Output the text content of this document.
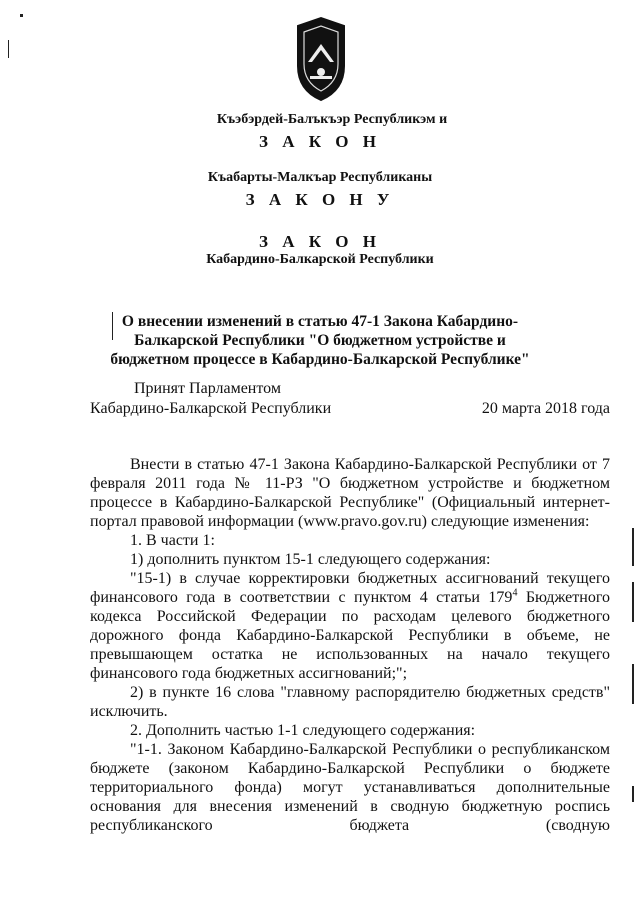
Къэбэрдей-Балъкъэр Республикэм и
З А К О Н
Къабарты-Малкъар Республиканы
З А К О Н У
З А К О Н
Кабардино-Балкарской Республики
О внесении изменений в статью 47-1 Закона Кабардино-Балкарской Республики "О бюджетном устройстве и бюджетном процессе в Кабардино-Балкарской Республике"
Принят Парламентом
Кабардино-Балкарской Республики	20 марта 2018 года

Внести в статью 47-1 Закона Кабардино-Балкарской Республики от 7 февраля 2011 года № 11-РЗ "О бюджетном устройстве и бюджетном процессе в Кабардино-Балкарской Республике" (Официальный интернет-портал правовой информации (www.pravo.gov.ru) следующие изменения:

1. В части 1:

1) дополнить пунктом 15-1 следующего содержания:

"15-1) в случае корректировки бюджетных ассигнований текущего финансового года в соответствии с пунктом 4 статьи $179^4$ Бюджетного кодекса Российской Федерации по расходам целевого бюджетного дорожного фонда Кабардино-Балкарской Республики в объеме, не превышающем остатка не использованных на начало текущего финансового года бюджетных ассигнований;";

2) в пункте 16 слова "главному распорядителю бюджетных средств" исключить.

2. Дополнить частью 1-1 следующего содержания:

"1-1. Законом Кабардино-Балкарской Республики о республиканском бюджете (законом Кабардино-Балкарской Республики о бюджете территориального фонда) могут устанавливаться дополнительные основания для внесения изменений в сводную бюджетную роспись республиканского бюджета (сводную
